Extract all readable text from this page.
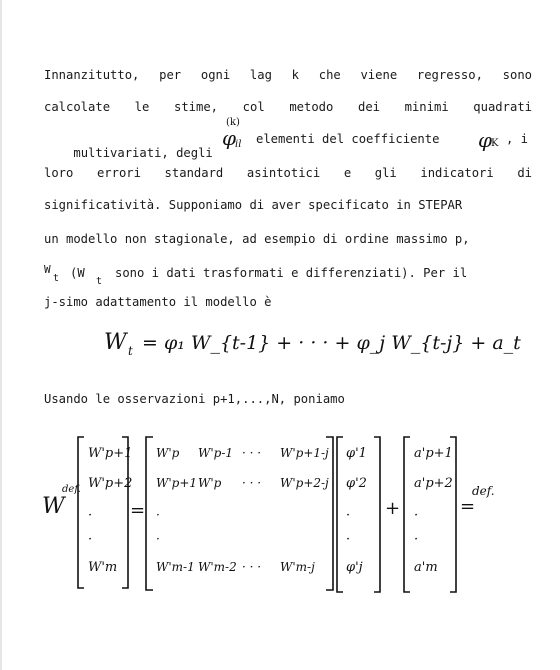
Innanzitutto, per ogni lag k che viene regresso, sono
calcolate le stime, col metodo dei minimi quadrati

multivariati, degli

(k)
φ
il elementi del coefficiente	φ
K , i
loro errori standard asintotici e gli indicatori di
significatività. Supponiamo di aver specificato in STEPAR
un modello non stagionale, ad esempio di ordine massimo p,
W
t (W
t
sono i dati trasformati e differenziati). Per il
j-simo adattamento il modello è
W t = φ₁ W_{t-1} + · · · + φ_j W_{t-j} + a_t
Usando le osservazioni p+1,...,N, poniamo
W
def.
W'p+1
W'p+2
·
·
W'm
=
W'p W'p-1 · · · W'p+1-j
W'p+1 W'p · · · W'p+2-j
·
·
W'm-1 W'm-2 · · · W'm-j
φ'1
φ'2
·
·
φ'j
+
a'p+1
a'p+2
·
·
a'm
=
def.
